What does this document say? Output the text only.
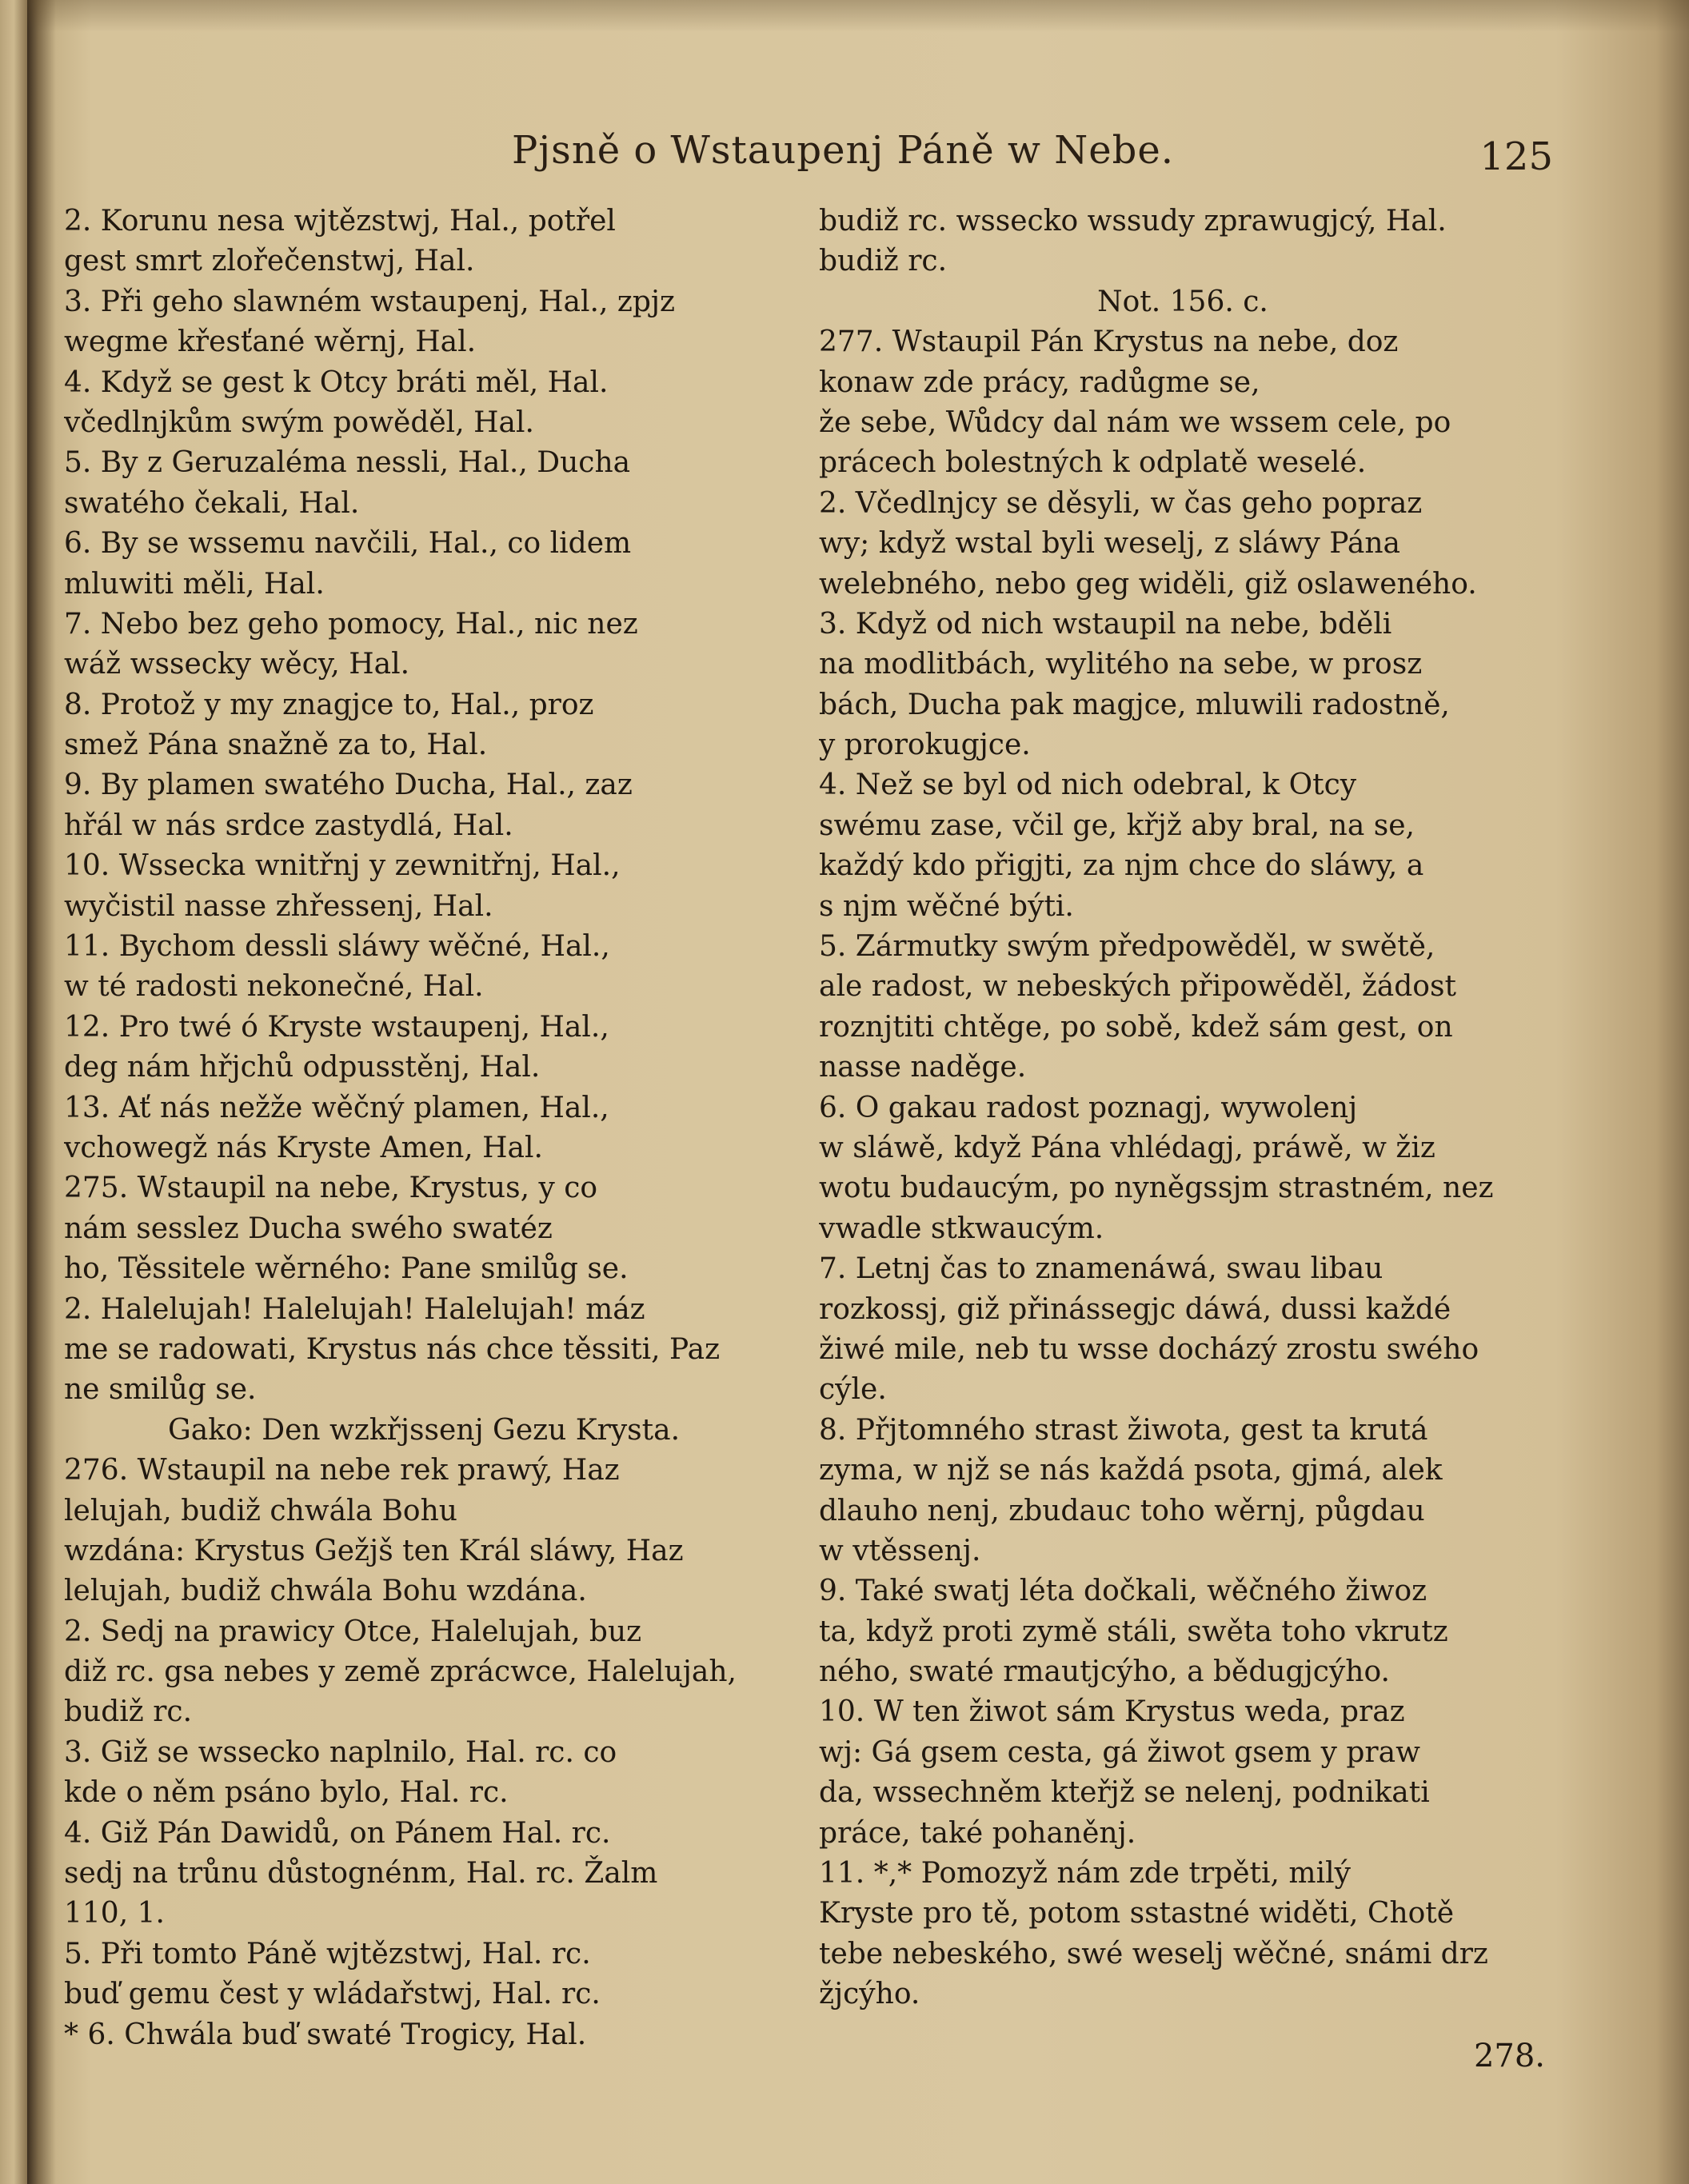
Pjsně o Wstaupenj Páně w Nebe.	125
2. Korunu nesa wjtězstwj, Hal., potřel
gest smrt zlořečenstwj, Hal.
3. Při geho slawném wstaupenj, Hal., zpjz
wegme křesťané wěrnj, Hal.
4. Když se gest k Otcy bráti měl, Hal.
včedlnjkům swým powěděl, Hal.
5. By z Geruzaléma nessli, Hal., Ducha
swatého čekali, Hal.
6. By se wssemu navčili, Hal., co lidem
mluwiti měli, Hal.
7. Nebo bez geho pomocy, Hal., nic nez
wáž wssecky wěcy, Hal.
8. Protož y my znagjce to, Hal., proz
smež Pána snažně za to, Hal.
9. By plamen swatého Ducha, Hal., zaz
hřál w nás srdce zastydlá, Hal.
10. Wssecka wnitřnj y zewnitřnj, Hal.,
wyčistil nasse zhřessenj, Hal.
11. Bychom dessli sláwy wěčné, Hal.,
w té radosti nekonečné, Hal.
12. Pro twé ó Kryste wstaupenj, Hal.,
deg nám hřjchů odpusstěnj, Hal.
13. Ať nás nežže wěčný plamen, Hal.,
vchowegž nás Kryste Amen, Hal.
275. Wstaupil na nebe, Krystus, y co
nám sesslez Ducha swého swatéz
ho, Těssitele wěrného: Pane smilůg se.
2. Halelujah! Halelujah! Halelujah! máz
me se radowati, Krystus nás chce těssiti, Paz
ne smilůg se.
Gako: Den wzkřjssenj Gezu Krysta.
276. Wstaupil na nebe rek prawý, Haz
lelujah, budiž chwála Bohu
wzdána: Krystus Gežjš ten Král sláwy, Haz
lelujah, budiž chwála Bohu wzdána.
2. Sedj na prawicy Otce, Halelujah, buz
diž rc. gsa nebes y země zprácwce, Halelujah,
budiž rc.
3. Giž se wssecko naplnilo, Hal. rc. co
kde o něm psáno bylo, Hal. rc.
4. Giž Pán Dawidů, on Pánem Hal. rc.
sedj na trůnu důstognénm, Hal. rc. Žalm
110, 1.
5. Při tomto Páně wjtězstwj, Hal. rc.
buď gemu čest y wládařstwj, Hal. rc.
* 6. Chwála buď swaté Trogicy, Hal.
budiž rc. wssecko wssudy zprawugjcý, Hal.
budiž rc.
Not. 156. c.
277. Wstaupil Pán Krystus na nebe, doz
konaw zde prácy, radůgme se,
že sebe, Wůdcy dal nám we wssem cele, po
prácech bolestných k odplatě weselé.
2. Včedlnjcy se děsyli, w čas geho popraz
wy; když wstal byli weselj, z sláwy Pána
welebného, nebo geg widěli, giž oslaweného.
3. Když od nich wstaupil na nebe, bděli
na modlitbách, wylitého na sebe, w prosz
bách, Ducha pak magjce, mluwili radostně,
y prorokugjce.
4. Než se byl od nich odebral, k Otcy
swému zase, včil ge, křjž aby bral, na se,
každý kdo přigjti, za njm chce do sláwy, a
s njm wěčné býti.
5. Zármutky swým předpowěděl, w swětě,
ale radost, w nebeských připowěděl, žádost
roznjtiti chtěge, po sobě, kdež sám gest, on
nasse naděge.
6. O gakau radost poznagj, wywolenj
w sláwě, když Pána vhlédagj, práwě, w žiz
wotu budaucým, po nyněgssjm strastném, nez
vwadle stkwaucým.
7. Letnj čas to znamenáwá, swau libau
rozkossj, giž přinássegjc dáwá, dussi každé
žiwé mile, neb tu wsse docházý zrostu swého
cýle.
8. Přjtomného strast žiwota, gest ta krutá
zyma, w njž se nás každá psota, gjmá, alek
dlauho nenj, zbudauc toho wěrnj, půgdau
w vtěssenj.
9. Také swatj léta dočkali, wěčného žiwoz
ta, když proti zymě stáli, swěta toho vkrutz
ného, swaté rmautjcýho, a bědugjcýho.
10. W ten žiwot sám Krystus weda, praz
wj: Gá gsem cesta, gá žiwot gsem y praw
da, wssechněm kteřjž se nelenj, podnikati
práce, také pohaněnj.
11. *,* Pomozyž nám zde trpěti, milý
Kryste pro tě, potom sstastné widěti, Chotě
tebe nebeského, swé weselj wěčné, snámi drz
žjcýho.
278.
